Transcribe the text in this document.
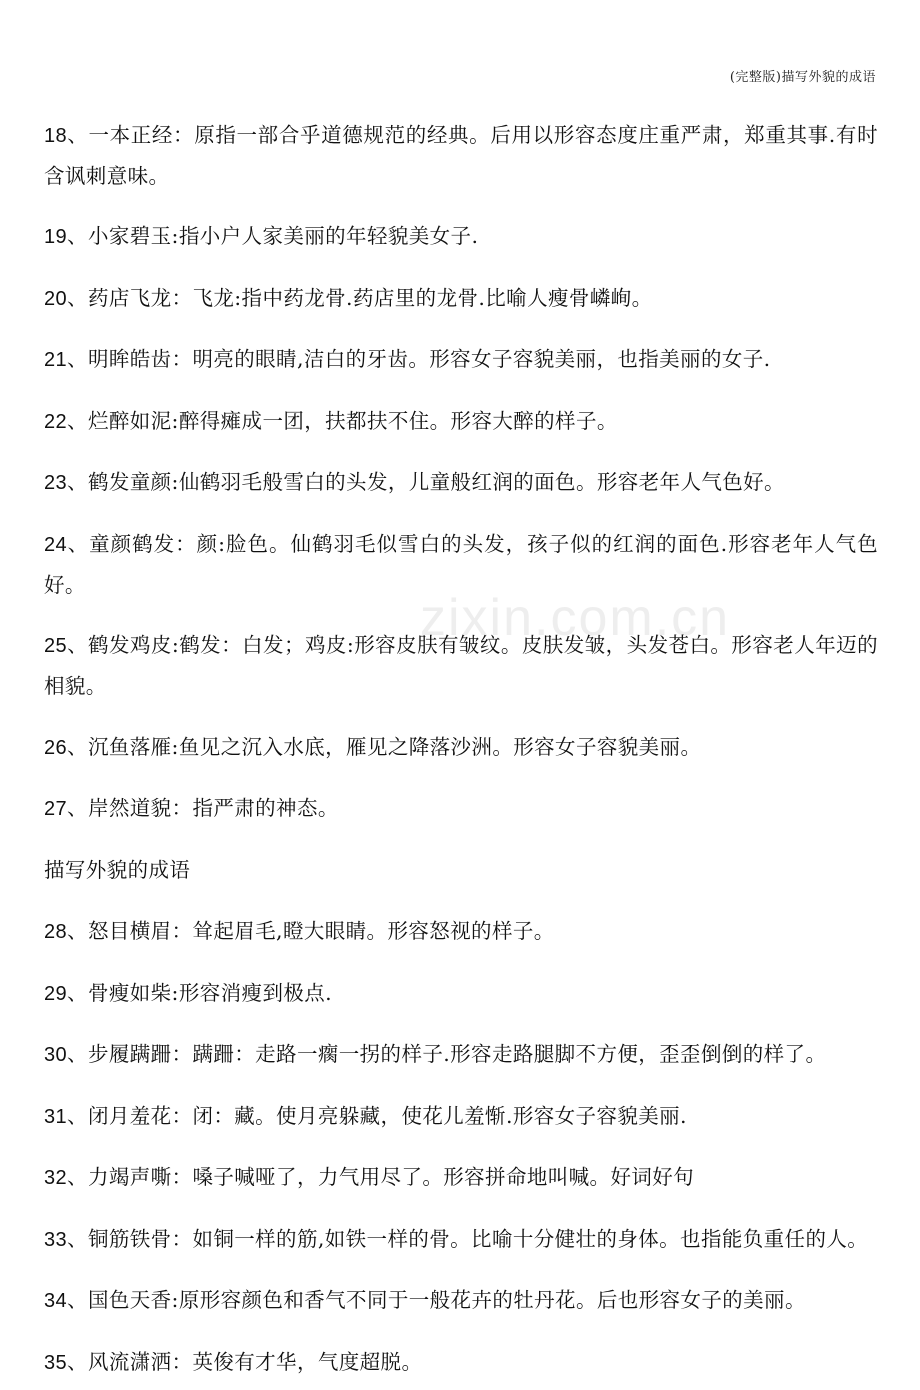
(完整版)描写外貌的成语
zixin.com.cn

18、一本正经：原指一部合乎道德规范的经典。后用以形容态度庄重严肃，郑重其事.有时含讽刺意味。

19、小家碧玉:指小户人家美丽的年轻貌美女子.

20、药店飞龙：飞龙:指中药龙骨.药店里的龙骨.比喻人瘦骨嶙峋。

21、明眸皓齿：明亮的眼睛,洁白的牙齿。形容女子容貌美丽，也指美丽的女子.

22、烂醉如泥:醉得瘫成一团，扶都扶不住。形容大醉的样子。

23、鹤发童颜:仙鹤羽毛般雪白的头发，儿童般红润的面色。形容老年人气色好。

24、童颜鹤发：颜:脸色。仙鹤羽毛似雪白的头发，孩子似的红润的面色.形容老年人气色好。

25、鹤发鸡皮:鹤发：白发；鸡皮:形容皮肤有皱纹。皮肤发皱，头发苍白。形容老人年迈的相貌。

26、沉鱼落雁:鱼见之沉入水底，雁见之降落沙洲。形容女子容貌美丽。

27、岸然道貌：指严肃的神态。

描写外貌的成语

28、怒目横眉：耸起眉毛,瞪大眼睛。形容怒视的样子。

29、骨瘦如柴:形容消瘦到极点.

30、步履蹒跚：蹒跚：走路一瘸一拐的样子.形容走路腿脚不方便，歪歪倒倒的样了。

31、闭月羞花：闭：藏。使月亮躲藏，使花儿羞惭.形容女子容貌美丽.

32、力竭声嘶：嗓子喊哑了，力气用尽了。形容拼命地叫喊。好词好句

33、铜筋铁骨：如铜一样的筋,如铁一样的骨。比喻十分健壮的身体。也指能负重任的人。

34、国色天香:原形容颜色和香气不同于一般花卉的牡丹花。后也形容女子的美丽。

35、风流潇洒：英俊有才华，气度超脱。
